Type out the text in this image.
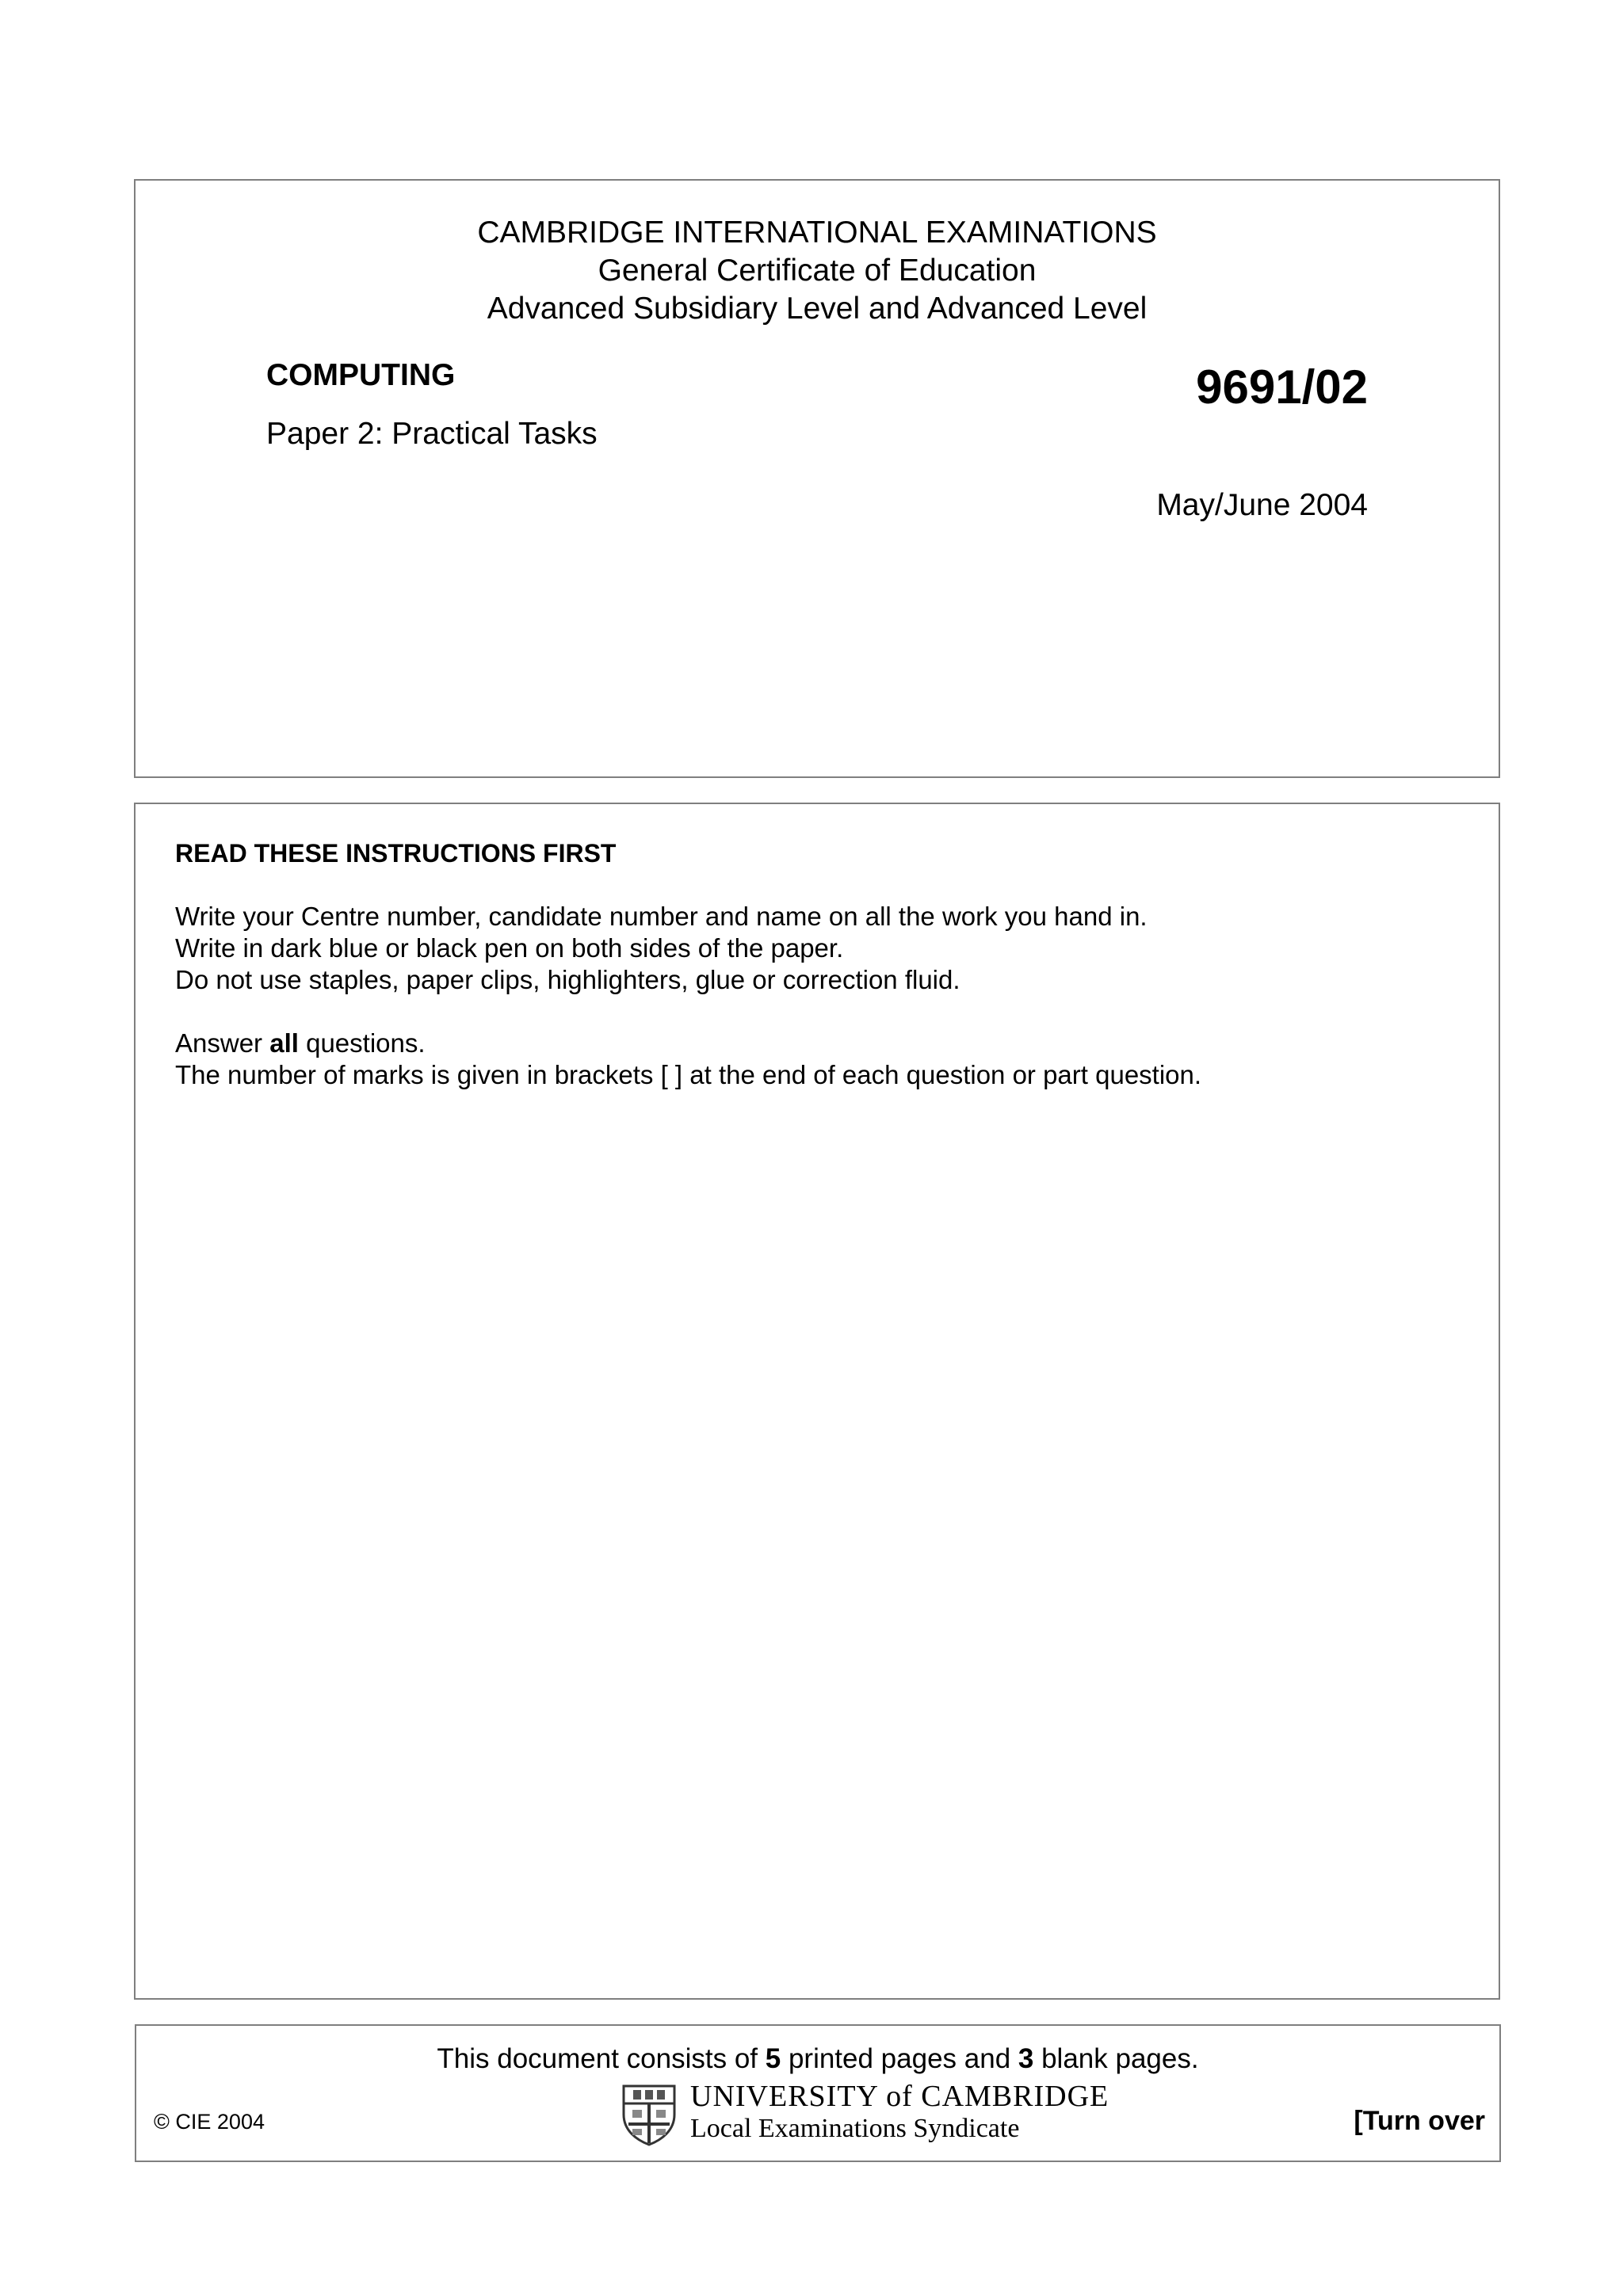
CAMBRIDGE INTERNATIONAL EXAMINATIONS
General Certificate of Education
Advanced Subsidiary Level and Advanced Level
COMPUTING
Paper 2: Practical Tasks
9691/02
May/June 2004
READ THESE INSTRUCTIONS FIRST
Write your Centre number, candidate number and name on all the work you hand in.
Write in dark blue or black pen on both sides of the paper.
Do not use staples, paper clips, highlighters, glue or correction fluid.
Answer all questions.
The number of marks is given in brackets [ ] at the end of each question or part question.
This document consists of 5 printed pages and 3 blank pages.
© CIE 2004
UNIVERSITY of CAMBRIDGE
Local Examinations Syndicate	[Turn over
